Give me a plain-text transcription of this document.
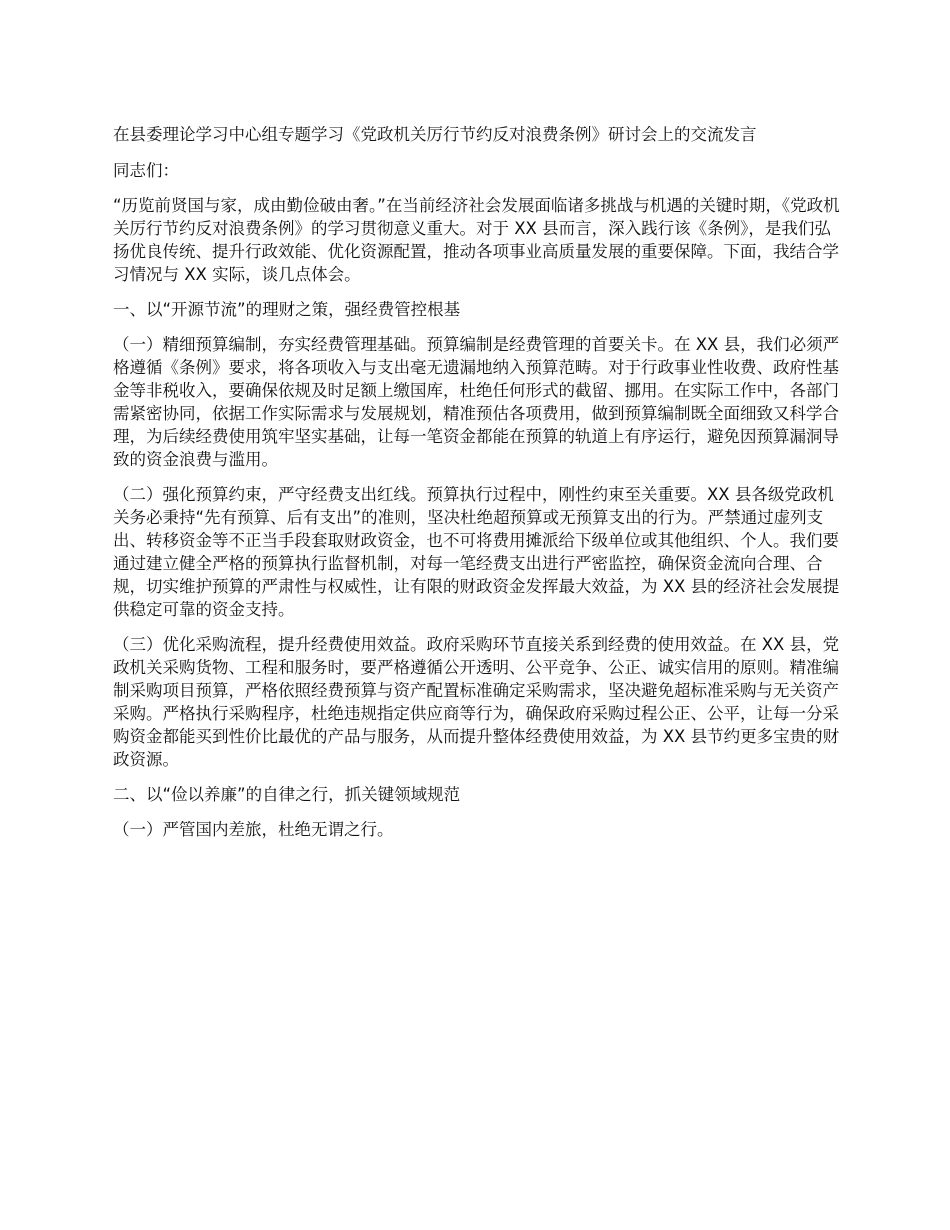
在县委理论学习中心组专题学习《党政机关厉行节约反对浪费条例》研讨会上的交流发言

同志们：

“历览前贤国与家，成由勤俭破由奢。”在当前经济社会发展面临诸多挑战与机遇的关键时期，《党政机关厉行节约反对浪费条例》的学习贯彻意义重大。对于 XX 县而言，深入践行该《条例》，是我们弘扬优良传统、提升行政效能、优化资源配置，推动各项事业高质量发展的重要保障。下面，我结合学习情况与 XX 实际，谈几点体会。

一、以“开源节流”的理财之策，强经费管控根基

（一）精细预算编制，夯实经费管理基础。预算编制是经费管理的首要关卡。在 XX 县，我们必须严格遵循《条例》要求，将各项收入与支出毫无遗漏地纳入预算范畴。对于行政事业性收费、政府性基金等非税收入，要确保依规及时足额上缴国库，杜绝任何形式的截留、挪用。在实际工作中，各部门需紧密协同，依据工作实际需求与发展规划，精准预估各项费用，做到预算编制既全面细致又科学合理，为后续经费使用筑牢坚实基础，让每一笔资金都能在预算的轨道上有序运行，避免因预算漏洞导致的资金浪费与滥用。

（二）强化预算约束，严守经费支出红线。预算执行过程中，刚性约束至关重要。XX 县各级党政机关务必秉持“先有预算、后有支出”的准则，坚决杜绝超预算或无预算支出的行为。严禁通过虚列支出、转移资金等不正当手段套取财政资金，也不可将费用摊派给下级单位或其他组织、个人。我们要通过建立健全严格的预算执行监督机制，对每一笔经费支出进行严密监控，确保资金流向合理、合规，切实维护预算的严肃性与权威性，让有限的财政资金发挥最大效益，为 XX 县的经济社会发展提供稳定可靠的资金支持。

（三）优化采购流程，提升经费使用效益。政府采购环节直接关系到经费的使用效益。在 XX 县，党政机关采购货物、工程和服务时，要严格遵循公开透明、公平竞争、公正、诚实信用的原则。精准编制采购项目预算，严格依照经费预算与资产配置标准确定采购需求，坚决避免超标准采购与无关资产采购。严格执行采购程序，杜绝违规指定供应商等行为，确保政府采购过程公正、公平，让每一分采购资金都能买到性价比最优的产品与服务，从而提升整体经费使用效益，为 XX 县节约更多宝贵的财政资源。

二、以“俭以养廉”的自律之行，抓关键领域规范

（一）严管国内差旅，杜绝无谓之行。
